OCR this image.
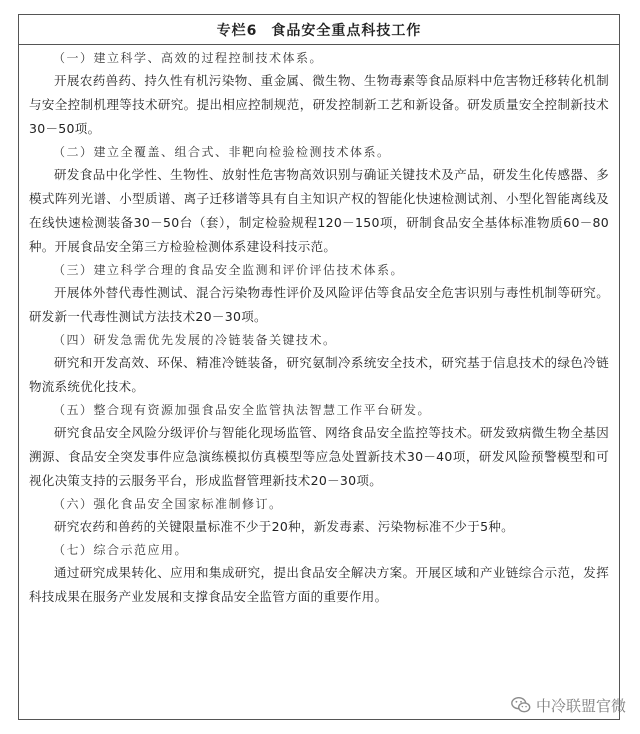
专栏6 食品安全重点科技工作
（一）建立科学、高效的过程控制技术体系。

开展农药兽药、持久性有机污染物、重金属、微生物、生物毒素等食品原料中危害物迁移转化机制与安全控制机理等技术研究。提出相应控制规范，研发控制新工艺和新设备。研发质量安全控制新技术30－50项。

（二）建立全覆盖、组合式、非靶向检验检测技术体系。

研发食品中化学性、生物性、放射性危害物高效识别与确证关键技术及产品，研发生化传感器、多模式阵列光谱、小型质谱、离子迁移谱等具有自主知识产权的智能化快速检测试剂、小型化智能离线及在线快速检测装备30－50台（套），制定检验规程120－150项，研制食品安全基体标准物质60－80种。开展食品安全第三方检验检测体系建设科技示范。

（三）建立科学合理的食品安全监测和评价评估技术体系。

开展体外替代毒性测试、混合污染物毒性评价及风险评估等食品安全危害识别与毒性机制等研究。研发新一代毒性测试方法技术20－30项。

（四）研发急需优先发展的冷链装备关键技术。

研究和开发高效、环保、精准冷链装备，研究氨制冷系统安全技术，研究基于信息技术的绿色冷链物流系统优化技术。

（五）整合现有资源加强食品安全监管执法智慧工作平台研发。

研究食品安全风险分级评价与智能化现场监管、网络食品安全监控等技术。研发致病微生物全基因溯源、食品安全突发事件应急演练模拟仿真模型等应急处置新技术30－40项，研发风险预警模型和可视化决策支持的云服务平台，形成监督管理新技术20－30项。

（六）强化食品安全国家标准制修订。

研究农药和兽药的关键限量标准不少于20种，新发毒素、污染物标准不少于5种。

（七）综合示范应用。

通过研究成果转化、应用和集成研究，提出食品安全解决方案。开展区域和产业链综合示范，发挥科技成果在服务产业发展和支撑食品安全监管方面的重要作用。

中冷联盟官微
